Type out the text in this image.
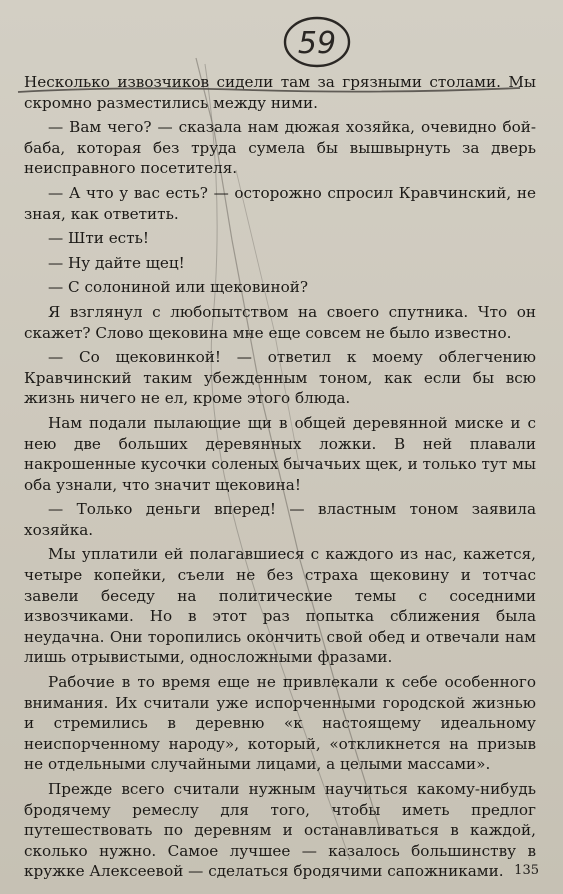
59

Несколько извозчиков сидели там за грязными столами. Мы скромно разместились между ними.

— Вам чего? — сказала нам дюжая хозяйка, очевидно бой-баба, которая без труда сумела бы вышвырнуть за дверь неисправного посетителя.

— А что у вас есть? — осторожно спросил Кравчинский, не зная, как ответить.

— Шти есть!

— Ну дайте щец!

— С солониной или щековиной?

Я взглянул с любопытством на своего спутника. Что он скажет? Слово щековина мне еще совсем не было известно.

— Со щековинкой! — ответил к моему облегчению Кравчинский таким убежденным тоном, как если бы всю жизнь ничего не ел, кроме этого блюда.

Нам подали пылающие щи в общей деревянной миске и с нею две больших деревянных ложки. В ней плавали накрошенные кусочки соленых бычачьих щек, и только тут мы оба узнали, что значит щековина!

— Только деньги вперед! — властным тоном заявила хозяйка.

Мы уплатили ей полагавшиеся с каждого из нас, кажется, четыре копейки, съели не без страха щековину и тотчас завели беседу на политические темы с соседними извозчиками. Но в этот раз попытка сближения была неудачна. Они торопились окончить свой обед и отвечали нам лишь отрывистыми, односложными фразами.

Рабочие в то время еще не привлекали к себе особенного внимания. Их считали уже испорченными городской жизнью и стремились в деревню «к настоящему идеальному неиспорченному народу», который, «откликнется на призыв не отдельными случайными лицами, а целыми массами».

Прежде всего считали нужным научиться какому-нибудь бродячему ремеслу для того, чтобы иметь предлог путешествовать по деревням и останавливаться в каждой, сколько нужно. Самое лучшее — казалось большинству в кружке Алексеевой — сделаться бродячими сапожниками. 135
